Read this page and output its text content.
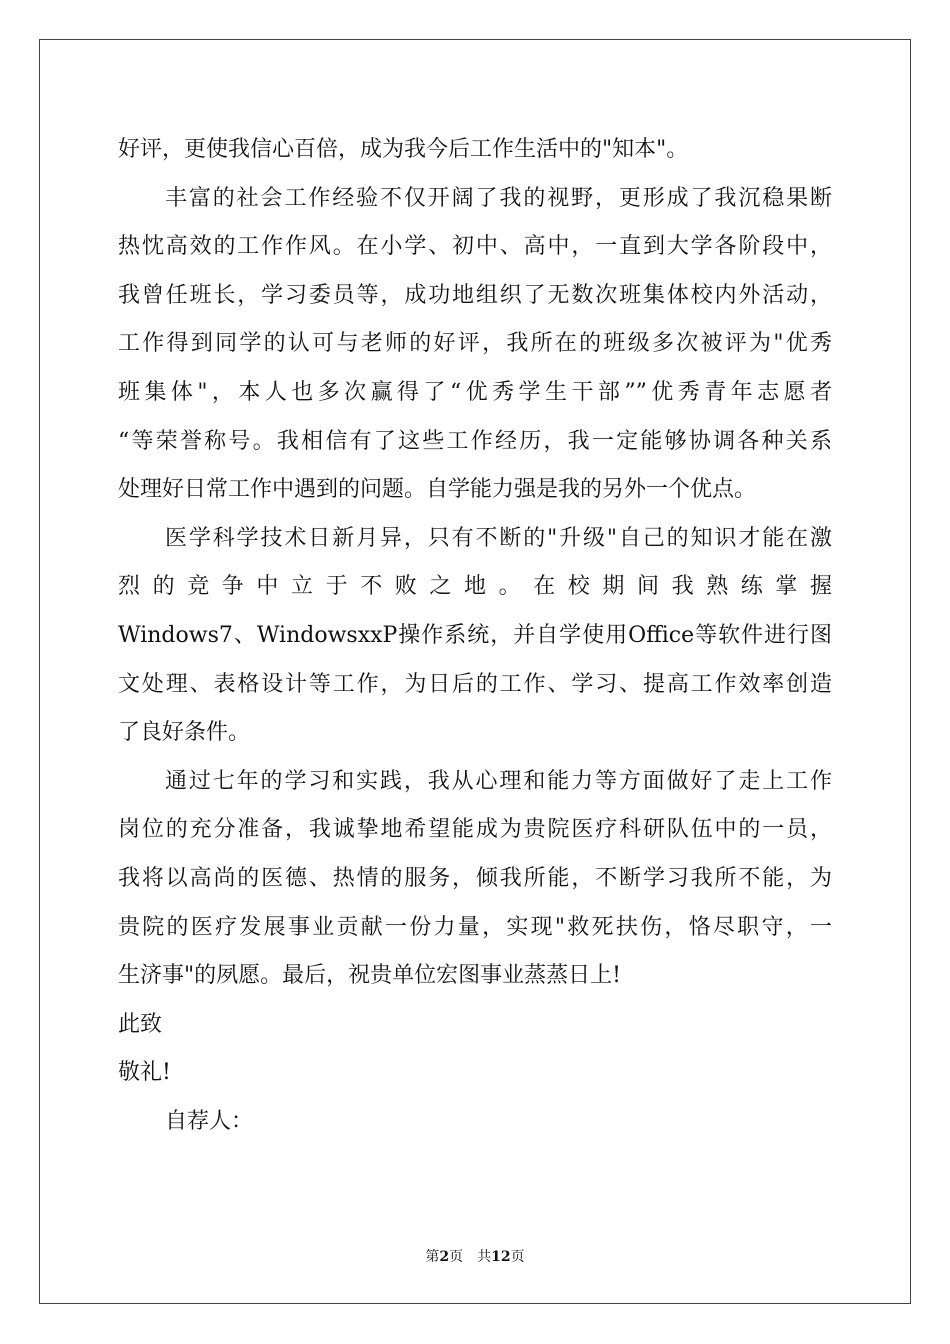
好评，更使我信心百倍，成为我今后工作生活中的"知本"。
丰富的社会工作经验不仅开阔了我的视野，更形成了我沉稳果断
热忱高效的工作作风。在小学、初中、高中，一直到大学各阶段中，
我曾任班长，学习委员等，成功地组织了无数次班集体校内外活动，
工作得到同学的认可与老师的好评，我所在的班级多次被评为"优秀
班集体"，本人也多次赢得了“优秀学生干部””优秀青年志愿者
“等荣誉称号。我相信有了这些工作经历，我一定能够协调各种关系
处理好日常工作中遇到的问题。自学能力强是我的另外一个优点。
医学科学技术日新月异，只有不断的"升级"自己的知识才能在激
烈的竞争中立于不败之地。在校期间我熟练掌握
Windows7、WindowsxxP操作系统，并自学使用Office等软件进行图
文处理、表格设计等工作，为日后的工作、学习、提高工作效率创造
了良好条件。
通过七年的学习和实践，我从心理和能力等方面做好了走上工作
岗位的充分准备，我诚挚地希望能成为贵院医疗科研队伍中的一员，
我将以高尚的医德、热情的服务，倾我所能，不断学习我所不能，为
贵院的医疗发展事业贡献一份力量，实现"救死扶伤，恪尽职守，一
生济事"的夙愿。最后，祝贵单位宏图事业蒸蒸日上!
此致
敬礼!
自荐人：
第2页　共12页
